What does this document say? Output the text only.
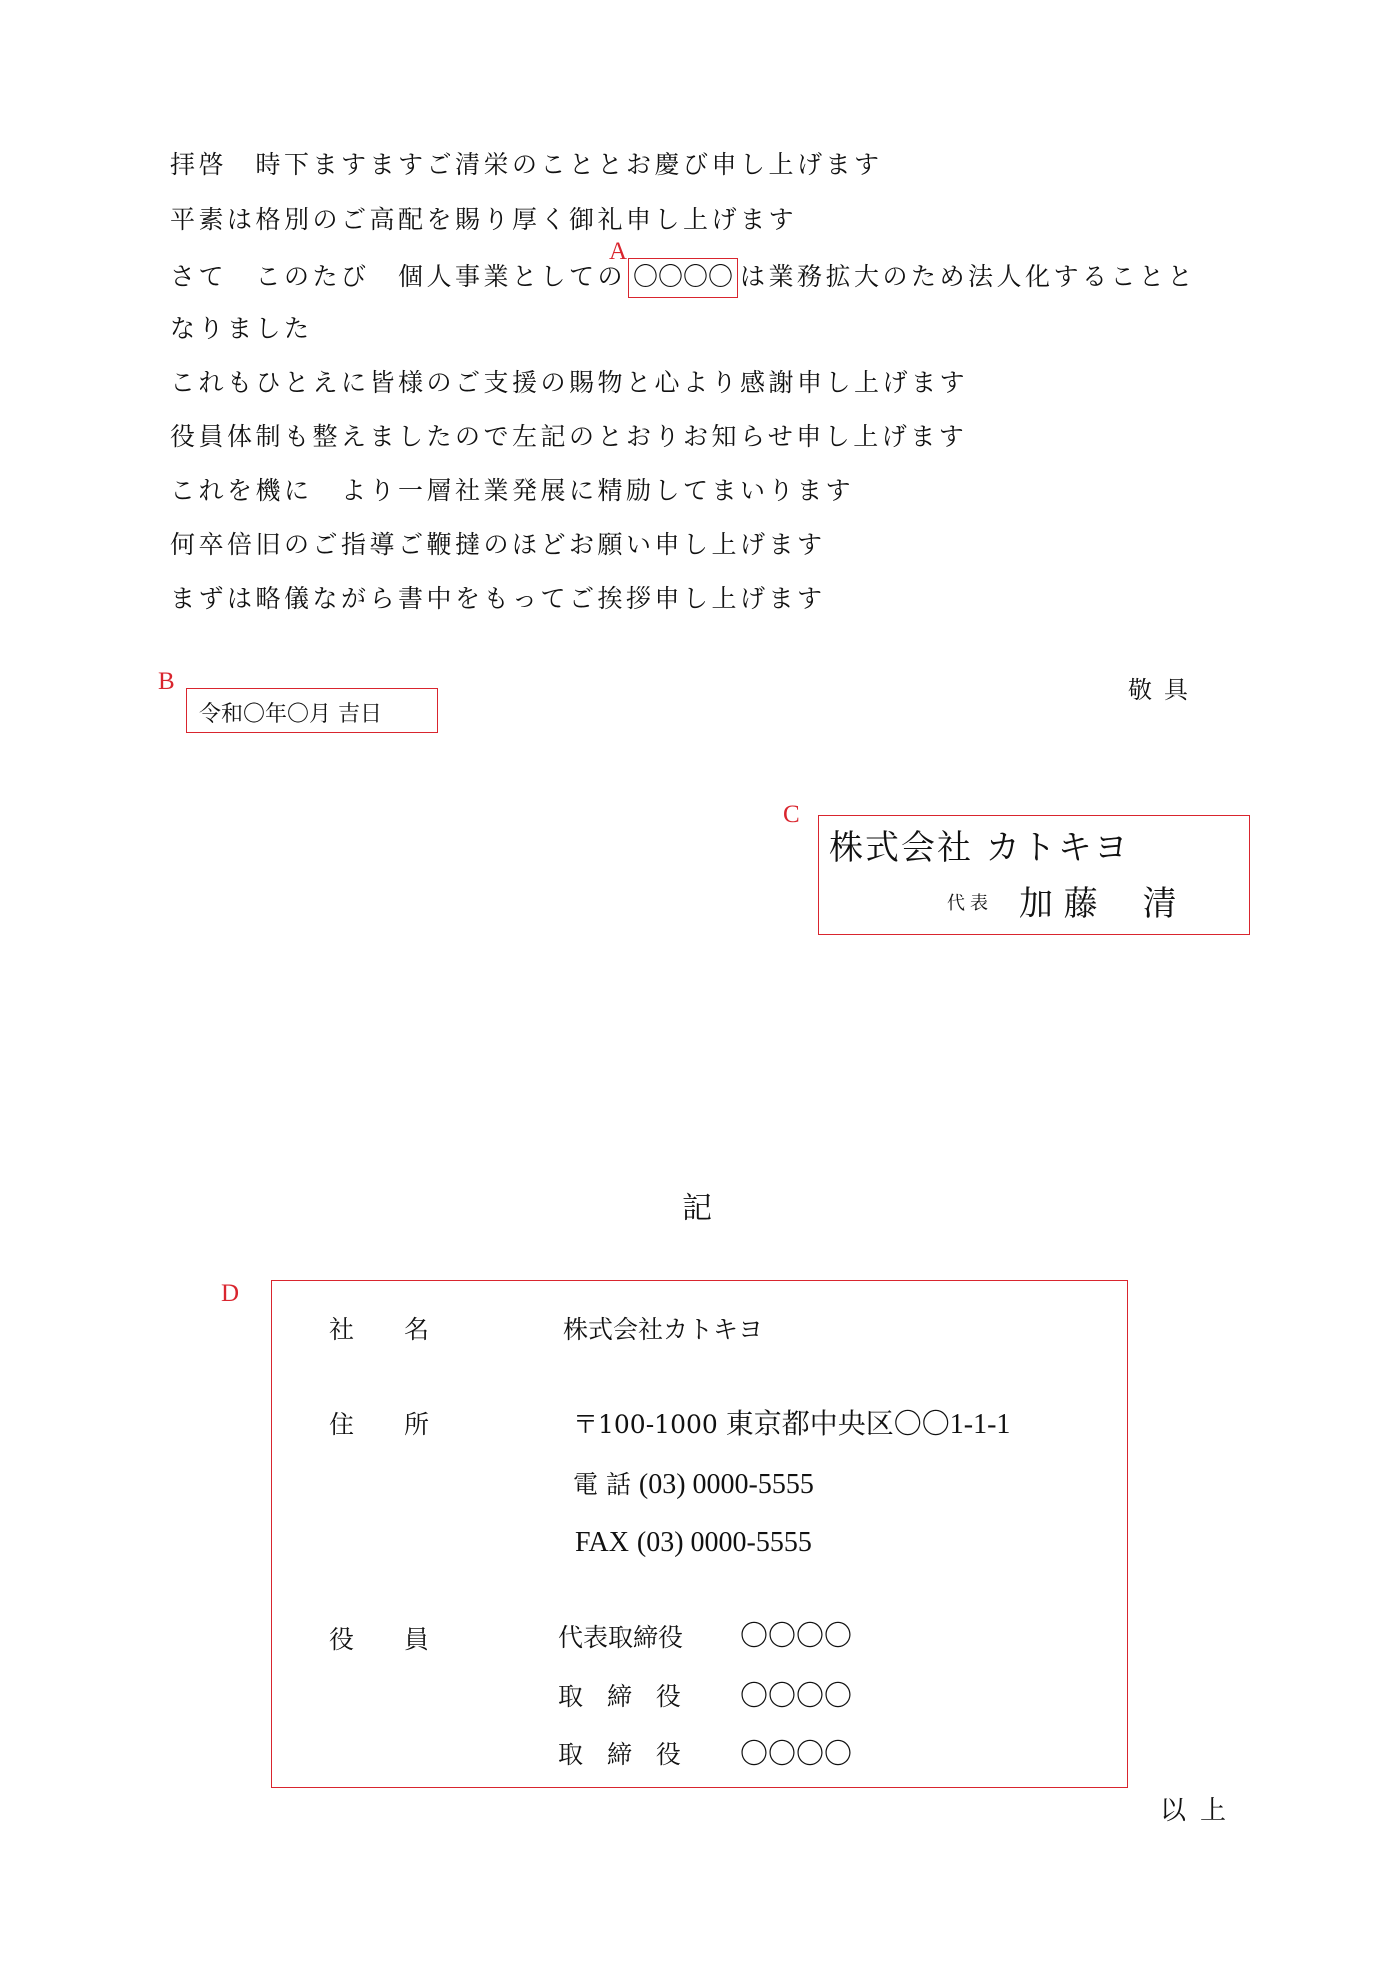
拝啓　時下ますますご清栄のこととお慶び申し上げます
平素は格別のご高配を賜り厚く御礼申し上げます
さて　このたび　個人事業としての 〇〇〇〇 は業務拡大のため法人化することと
A
なりました
これもひとえに皆様のご支援の賜物と心より感謝申し上げます
役員体制も整えましたので左記のとおりお知らせ申し上げます
これを機に　より一層社業発展に精励してまいります
何卒倍旧のご指導ご鞭撻のほどお願い申し上げます
まずは略儀ながら書中をもってご挨拶申し上げます
敬具
B
令和〇年〇月 吉日
C
株式会社 カトキヨ
代表 加 藤　 清
記
D
社　　名	株式会社カトキヨ
住　　所	〒100-1000 東京都中央区〇〇1-1-1
電 話 (03) 0000-5555
FAX (03) 0000-5555
役　　員	代表取締役 〇〇〇〇
取 締 役 〇〇〇〇
取 締 役 〇〇〇〇
以上
